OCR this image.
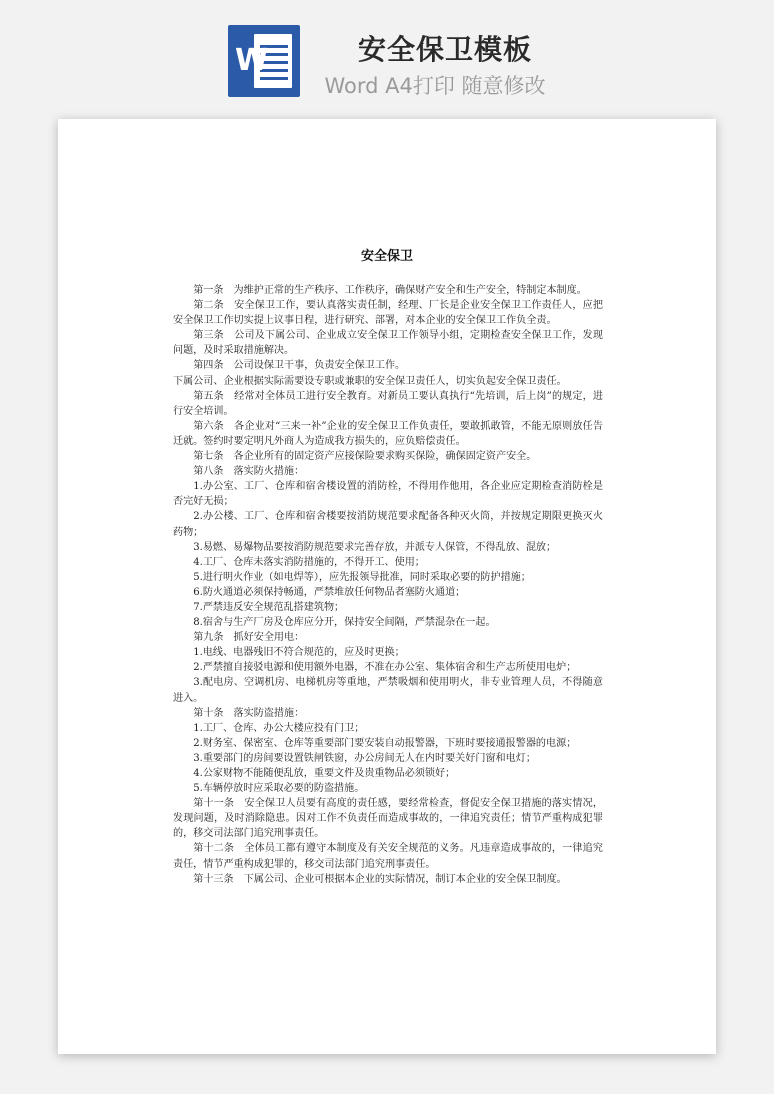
W	安全保卫模板
Word A4打印 随意修改
安全保卫

第一条　为维护正常的生产秩序、工作秩序，确保财产安全和生产安全，特制定本制度。

第二条　安全保卫工作，要认真落实责任制，经理、厂长是企业安全保卫工作责任人，应把安全保卫工作切实提上议事日程，进行研究、部署，对本企业的安全保卫工作负全责。

第三条　公司及下属公司、企业成立安全保卫工作领导小组，定期检查安全保卫工作，发现问题，及时采取措施解决。

第四条　公司设保卫干事，负责安全保卫工作。

下属公司、企业根据实际需要设专职或兼职的安全保卫责任人，切实负起安全保卫责任。

第五条　经常对全体员工进行安全教育。对新员工要认真执行“先培训，后上岗”的规定，进行安全培训。

第六条　各企业对“三来一补”企业的安全保卫工作负责任，要敢抓敢管，不能无原则放任告迁就。签约时要定明凡外商人为造成我方损失的，应负赔偿责任。

第七条　各企业所有的固定资产应接保险要求购买保险，确保固定资产安全。

第八条　落实防火措施：

1.办公室、工厂、仓库和宿舍楼设置的消防栓，不得用作他用，各企业应定期检查消防栓是否完好无损；

2.办公楼、工厂、仓库和宿舍楼要按消防规范要求配备各种灭火筒，并按规定期限更换灭火药物；

3.易燃、易爆物品要按消防规范要求完善存放，并派专人保管，不得乱放、混放；

4.工厂、仓库未落实消防措施的，不得开工、使用；

5.进行明火作业（如电焊等），应先报领导批准，同时采取必要的防护措施；

6.防火通道必须保持畅通，严禁堆放任何物品者塞防火通道；

7.严禁违反安全规范乱搭建筑物；

8.宿舍与生产厂房及仓库应分开，保持安全间隔，严禁混杂在一起。

第九条　抓好安全用电：

1.电线、电器残旧不符合规范的，应及时更换；

2.严禁擅自接驳电源和使用额外电器，不准在办公室、集体宿舍和生产志所使用电炉；

3.配电房、空调机房、电梯机房等重地，严禁吸烟和使用明火，非专业管理人员，不得随意进入。

第十条　落实防盗措施：

1.工厂、仓库、办公大楼应投有门卫；

2.财务室、保密室、仓库等重要部门要安装自动报警器，下班时要接通报警器的电源；

3.重要部门的房间要设置铁闸铁窗，办公房间无人在内时要关好门窗和电灯；

4.公家财物不能随便乱放，重要文件及贵重物品必须锁好；

5.车辆停放时应采取必要的防盗措施。

第十一条　安全保卫人员要有高度的责任感，要经常检查，督促安全保卫措施的落实情况，发现问题，及时消除隐患。因对工作不负责任而造成事故的，一律追究责任；情节严重构成犯罪的，移交司法部门追究刑事责任。

第十二条　全体员工都有遵守本制度及有关安全规范的义务。凡违章造成事故的，一律追究责任，情节严重构成犯罪的，移交司法部门追究刑事责任。

第十三条　下属公司、企业可根据本企业的实际情况，制订本企业的安全保卫制度。
